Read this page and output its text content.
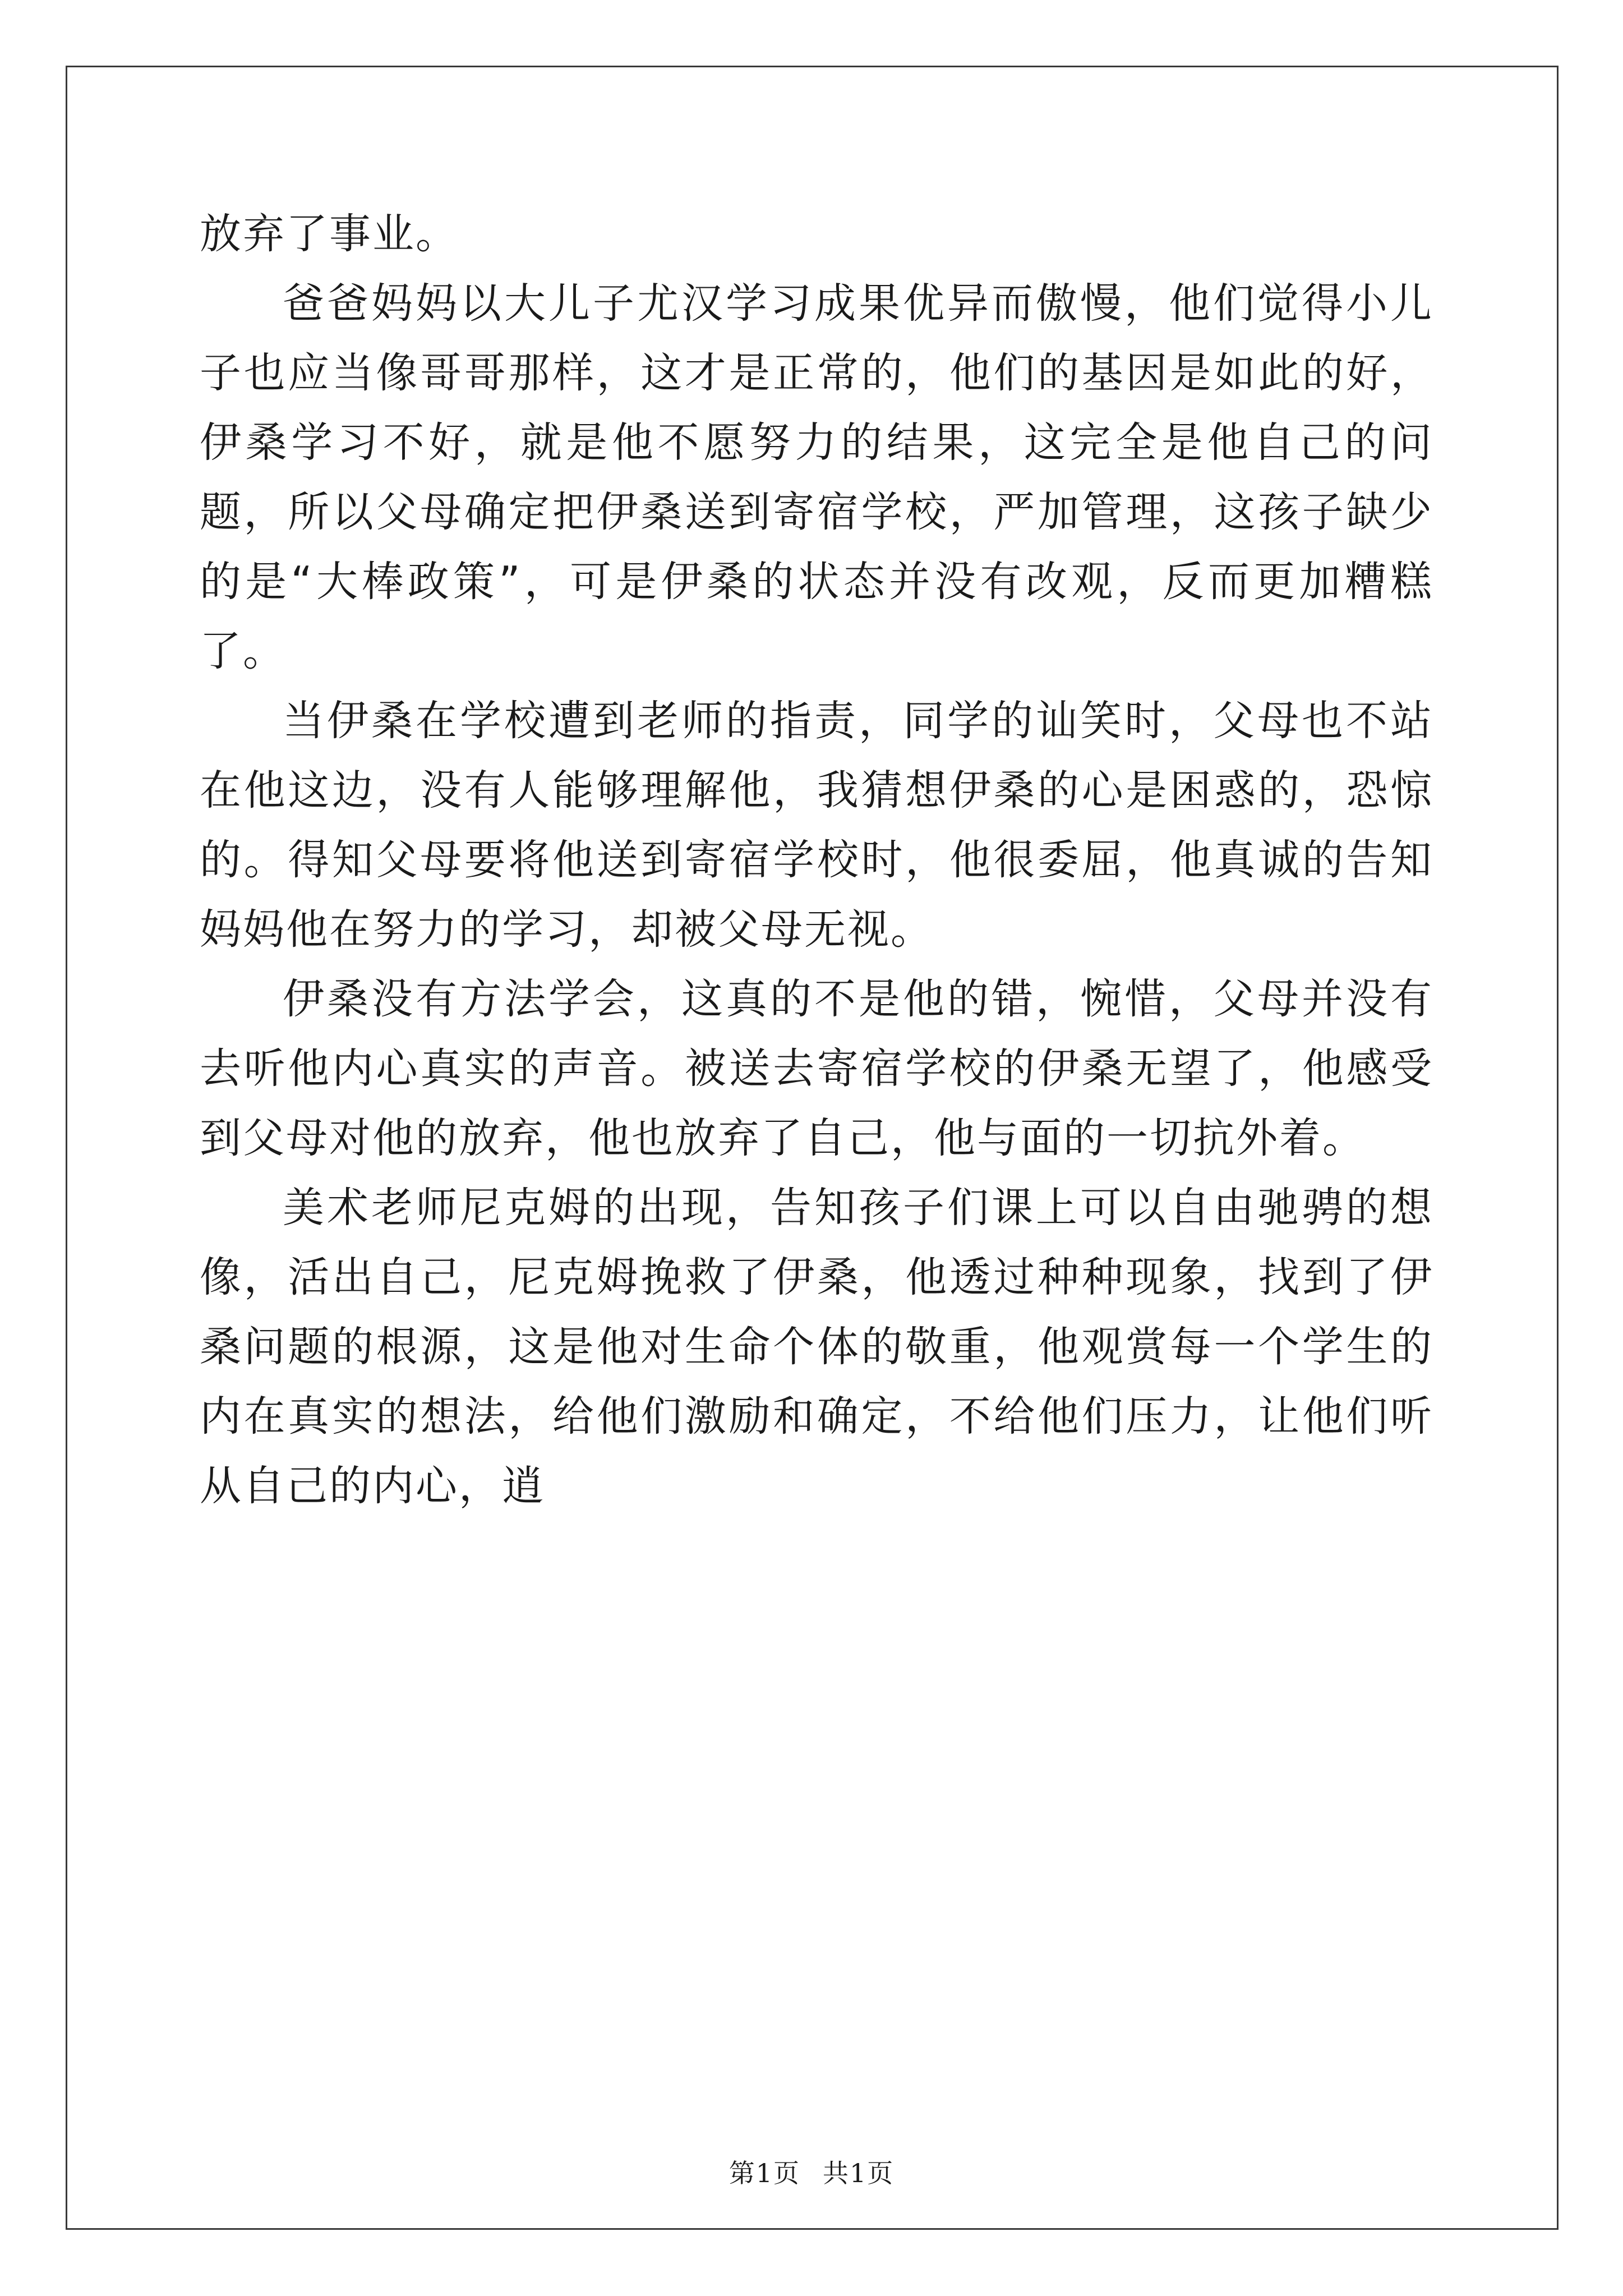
放弃了事业。

爸爸妈妈以大儿子尤汉学习成果优异而傲慢，他们觉得小儿子也应当像哥哥那样，这才是正常的，他们的基因是如此的好，伊桑学习不好，就是他不愿努力的结果，这完全是他自己的问题，所以父母确定把伊桑送到寄宿学校，严加管理，这孩子缺少的是“大棒政策”，可是伊桑的状态并没有改观，反而更加糟糕了。

当伊桑在学校遭到老师的指责，同学的讪笑时，父母也不站在他这边，没有人能够理解他，我猜想伊桑的心是困惑的，恐惊的。得知父母要将他送到寄宿学校时，他很委屈，他真诚的告知妈妈他在努力的学习，却被父母无视。

伊桑没有方法学会，这真的不是他的错，惋惜，父母并没有去听他内心真实的声音。被送去寄宿学校的伊桑无望了，他感受到父母对他的放弃，他也放弃了自己，他与面的一切抗外着。

美术老师尼克姆的出现，告知孩子们课上可以自由驰骋的想像，活出自己，尼克姆挽救了伊桑，他透过种种现象，找到了伊桑问题的根源，这是他对生命个体的敬重，他观赏每一个学生的内在真实的想法，给他们激励和确定，不给他们压力，让他们听从自己的内心，逍

第1页 共1页
